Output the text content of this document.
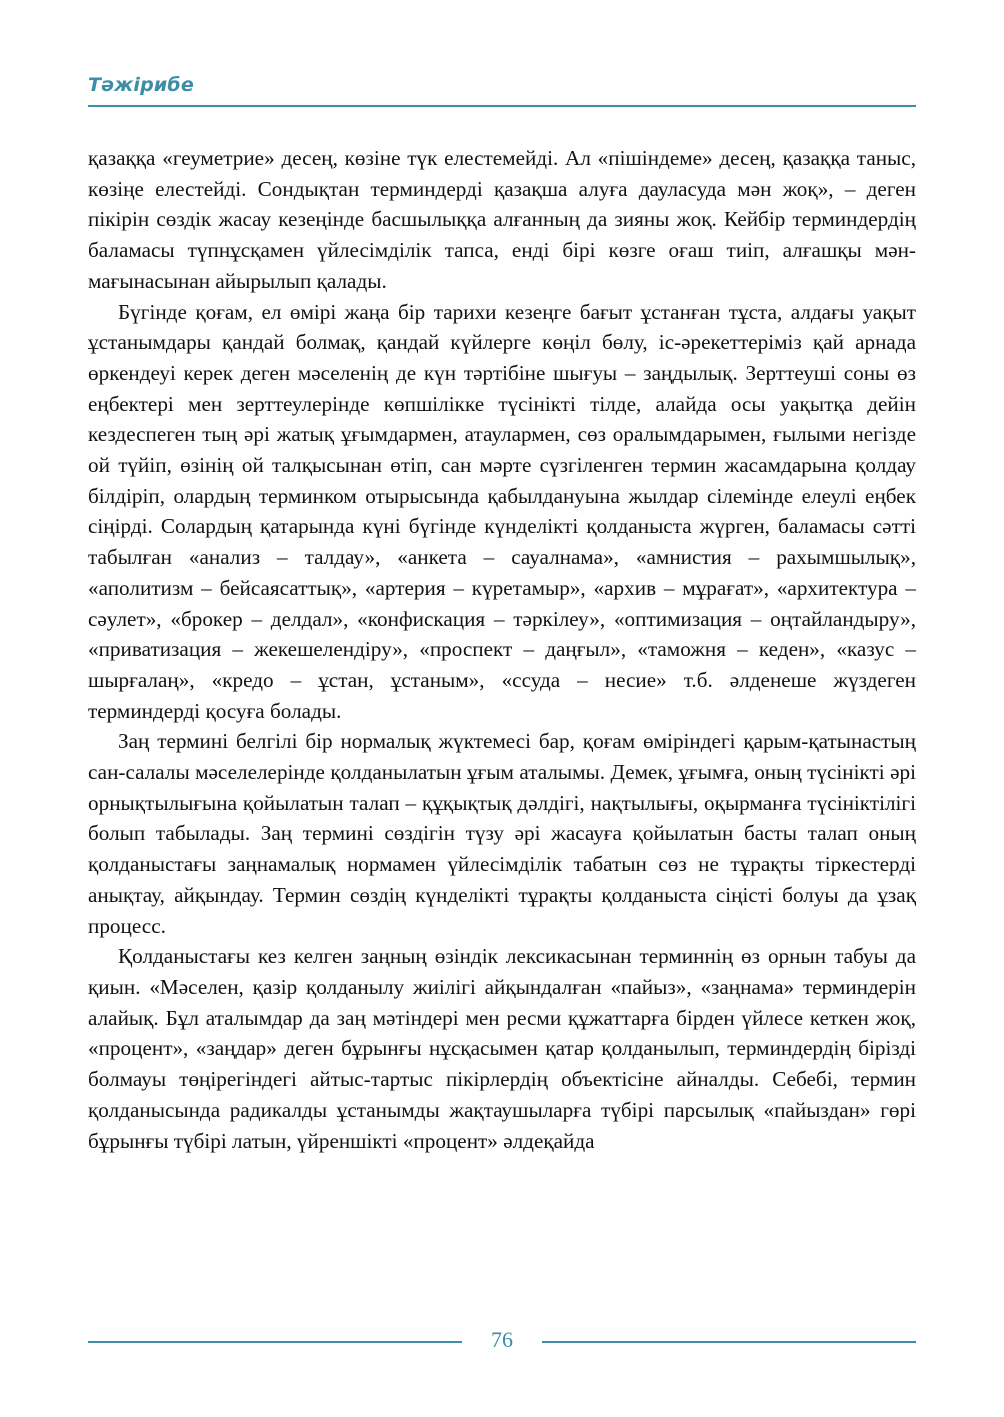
Тәжірибе

қазаққа «геуметрие» десең, көзіне түк елестемейді. Ал «пішіндеме» десең, қазаққа таныс, көзіңе елестейді. Сондықтан терминдерді қазақша алуға дауласуда мән жоқ», – деген пікірін сөздік жасау кезеңінде басшылыққа алғанның да зияны жоқ. Кейбір терминдердің баламасы түпнұсқамен үйлесімділік тапса, енді бірі көзге оғаш тиіп, алғашқы мән-мағынасынан айырылып қалады.

Бүгінде қоғам, ел өмірі жаңа бір тарихи кезеңге бағыт ұстанған тұста, алдағы уақыт ұстанымдары қандай болмақ, қандай күйлерге көңіл бөлу, іс-әрекеттеріміз қай арнада өркендеуі керек деген мәселенің де күн тәртібіне шығуы – заңдылық. Зерттеуші соны өз еңбектері мен зерттеулерінде көпшілікке түсінікті тілде, алайда осы уақытқа дейін кездеспеген тың әрі жатық ұғымдармен, атаулармен, сөз оралымдарымен, ғылыми негізде ой түйіп, өзінің ой талқысынан өтіп, сан мәрте сүзгіленген термин жасамдарына қолдау білдіріп, олардың терминком отырысында қабылдануына жылдар сілемінде елеулі еңбек сіңірді. Солардың қатарында күні бүгінде күнделікті қолданыста жүрген, баламасы сәтті табылған «анализ – талдау», «анкета – сауалнама», «амнистия – рахымшылық», «аполитизм – бейсаясаттық», «артерия – күретамыр», «архив – мұрағат», «архитектура – сәулет», «брокер – делдал», «конфискация – тәркілеу», «оптимизация – оңтайландыру», «приватизация – жекешелендіру», «проспект – даңғыл», «таможня – кеден», «казус – шырғалаң», «кредо – ұстан, ұстаным», «ссуда – несие» т.б. әлденеше жүздеген терминдерді қосуға болады.

Заң термині белгілі бір нормалық жүктемесі бар, қоғам өміріндегі қарым-қатынастың сан-салалы мәселелерінде қолданылатын ұғым аталымы. Демек, ұғымға, оның түсінікті әрі орнықтылығына қойылатын талап – құқықтық дәлдігі, нақтылығы, оқырманға түсініктілігі болып табылады. Заң термині сөздігін түзу әрі жасауға қойылатын басты талап оның қолданыстағы заңнамалық нормамен үйлесімділік табатын сөз не тұрақты тіркестерді анықтау, айқындау. Термин сөздің күнделікті тұрақты қолданыста сіңісті болуы да ұзақ процесс.

Қолданыстағы кез келген заңның өзіндік лексикасынан терминнің өз орнын табуы да қиын. «Мәселен, қазір қолданылу жиілігі айқындалған «пайыз», «заңнама» терминдерін алайық. Бұл аталымдар да заң мәтіндері мен ресми құжаттарға бірден үйлесе кеткен жоқ, «процент», «заңдар» деген бұрынғы нұсқасымен қатар қолданылып, терминдердің бірізді болмауы төңірегіндегі айтыс-тартыс пікірлердің объектісіне айналды. Себебі, термин қолданысында радикалды ұстанымды жақтаушыларға түбірі парсылық «пайыздан» гөрі бұрынғы түбірі латын, үйреншікті «процент» әлдеқайда

76
